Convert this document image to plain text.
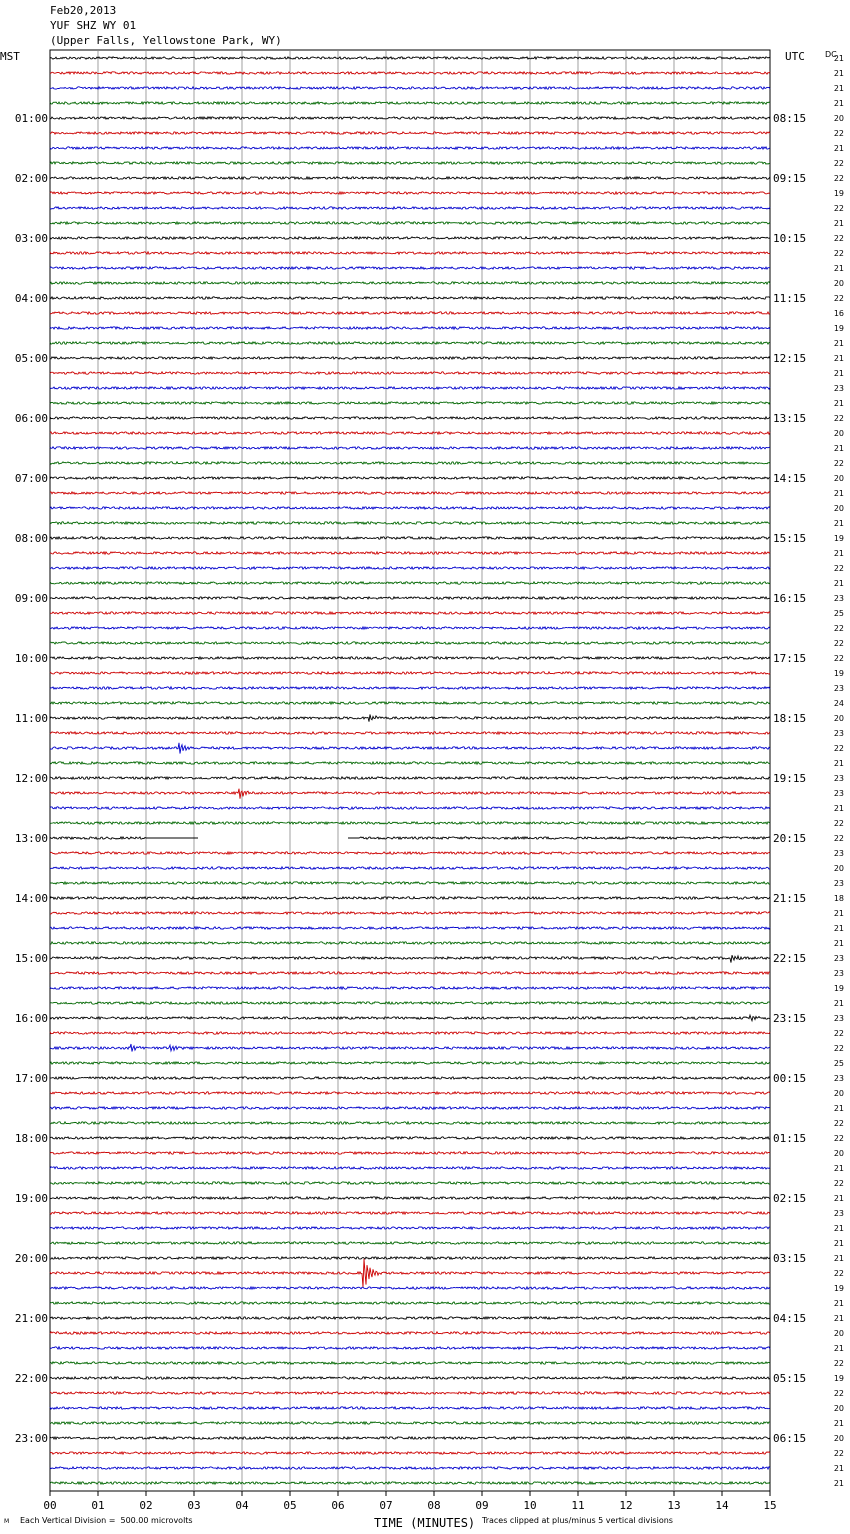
Feb20,2013
YUF SHZ WY 01
(Upper Falls, Yellowstone Park, WY)
MST	UTC	DC
01:00
02:00
03:00
04:00
05:00
06:00
07:00
08:00
09:00
10:00
11:00
12:00
13:00
14:00
15:00
16:00
17:00
18:00
19:00
20:00
21:00
22:00
23:00
08:15
09:15
10:15
11:15
12:15
13:15
14:15
15:15
16:15
17:15
18:15
19:15
20:15
21:15
22:15
23:15
00:15
01:15
02:15
03:15
04:15
05:15
06:15
21
21
21
21
20
22
21
22
22
19
22
21
22
22
21
20
22
16
19
21
21
21
23
21
22
20
21
22
20
21
20
21
19
21
22
21
23
25
22
22
22
19
23
24
20
23
22
21
23
23
21
22
22
23
20
23
18
21
21
21
23
23
19
21
23
22
22
25
23
20
21
22
22
20
21
22
21
23
21
21
21
22
19
21
21
20
21
22
19
22
20
21
20
22
21
21
00	01	02	03	04	05	06	07	08	09	10	11	12	13	14	15
M Each Vertical Division =  500.00 microvolts	TIME (MINUTES) Traces clipped at plus/minus 5 vertical divisions
